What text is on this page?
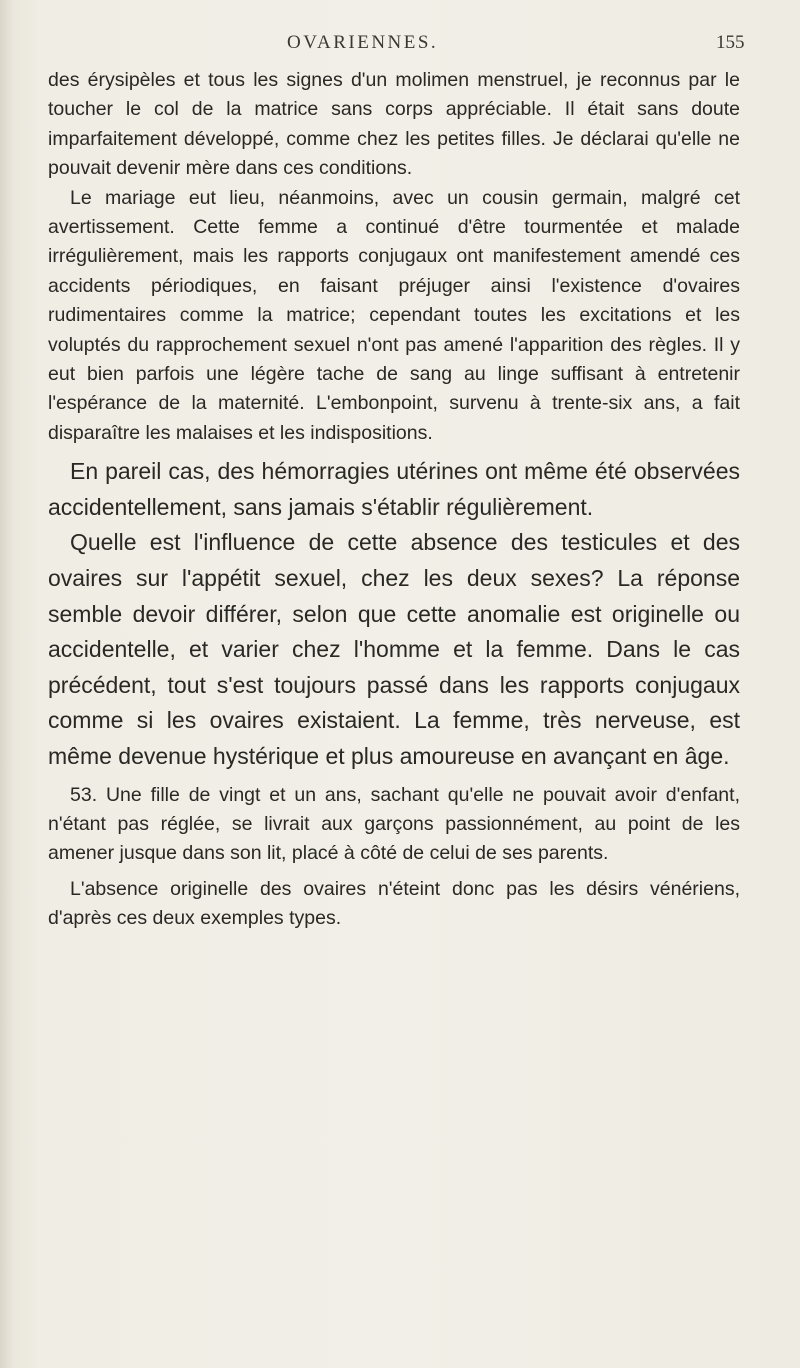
OVARIENNES.	155

des érysipèles et tous les signes d'un molimen menstruel, je reconnus par le toucher le col de la matrice sans corps appréciable. Il était sans doute imparfaitement développé, comme chez les petites filles. Je déclarai qu'elle ne pouvait devenir mère dans ces conditions.

Le mariage eut lieu, néanmoins, avec un cousin germain, malgré cet avertissement. Cette femme a continué d'être tourmentée et malade irrégulièrement, mais les rapports conjugaux ont manifestement amendé ces accidents périodiques, en faisant préjuger ainsi l'existence d'ovaires rudimentaires comme la matrice; cependant toutes les excitations et les voluptés du rapprochement sexuel n'ont pas amené l'apparition des règles. Il y eut bien parfois une légère tache de sang au linge suffisant à entretenir l'espérance de la maternité. L'embonpoint, survenu à trente-six ans, a fait disparaître les malaises et les indispositions.

En pareil cas, des hémorragies utérines ont même été observées accidentellement, sans jamais s'établir régulièrement.

Quelle est l'influence de cette absence des testicules et des ovaires sur l'appétit sexuel, chez les deux sexes? La réponse semble devoir différer, selon que cette anomalie est originelle ou accidentelle, et varier chez l'homme et la femme. Dans le cas précédent, tout s'est toujours passé dans les rapports conjugaux comme si les ovaires existaient. La femme, très nerveuse, est même devenue hystérique et plus amoureuse en avançant en âge.

53. Une fille de vingt et un ans, sachant qu'elle ne pouvait avoir d'enfant, n'étant pas réglée, se livrait aux garçons passionnément, au point de les amener jusque dans son lit, placé à côté de celui de ses parents.

L'absence originelle des ovaires n'éteint donc pas les désirs vénériens, d'après ces deux exemples types.
